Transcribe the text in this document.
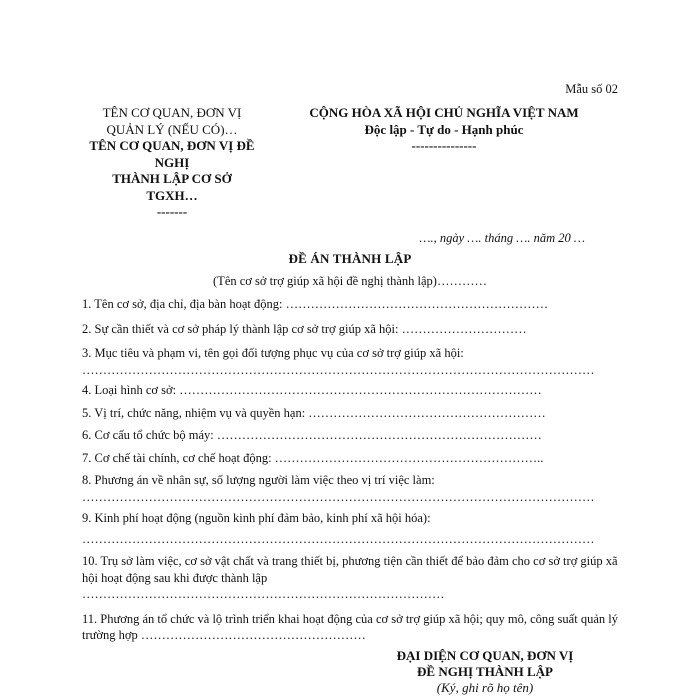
Mẫu số 02
TÊN CƠ QUAN, ĐƠN VỊ
QUẢN LÝ (NẾU CÓ)…
TÊN CƠ QUAN, ĐƠN VỊ ĐỀ
NGHỊ
THÀNH LẬP CƠ SỞ
TGXH…
-------
CỘNG HÒA XÃ HỘI CHỦ NGHĨA VIỆT NAM
Độc lập - Tự do - Hạnh phúc
---------------
…., ngày …. tháng …. năm 20 …
ĐỀ ÁN THÀNH LẬP
(Tên cơ sở trợ giúp xã hội đề nghị thành lập)…………

1. Tên cơ sở, địa chỉ, địa bàn hoạt động: ………………………………………………………

2. Sự cần thiết và cơ sở pháp lý thành lập cơ sở trợ giúp xã hội: …………………………

3. Mục tiêu và phạm vi, tên gọi đối tượng phục vụ của cơ sở trợ giúp xã hội:
……………………………………………………………………………………………………………

4. Loại hình cơ sở: ……………………………………………………………………………

5. Vị trí, chức năng, nhiệm vụ và quyền hạn: …………………………………………………

6. Cơ cấu tổ chức bộ máy: ……………………………………………………………………

7. Cơ chế tài chính, cơ chế hoạt động: ………………………………………………………..

8. Phương án về nhân sự, số lượng người làm việc theo vị trí việc làm:
……………………………………………………………………………………………………………

9. Kinh phí hoạt động (nguồn kinh phí đảm bảo, kinh phí xã hội hóa):
……………………………………………………………………………………………………………

10. Trụ sở làm việc, cơ sở vật chất và trang thiết bị, phương tiện cần thiết để bảo đảm cho cơ sở trợ giúp xã hội hoạt động sau khi được thành lập
……………………………………………………………………………

11. Phương án tổ chức và lộ trình triển khai hoạt động của cơ sở trợ giúp xã hội; quy mô, công suất quản lý trường hợp ………………………………………………

ĐẠI DIỆN CƠ QUAN, ĐƠN VỊ
ĐỀ NGHỊ THÀNH LẬP
(Ký, ghi rõ họ tên)
